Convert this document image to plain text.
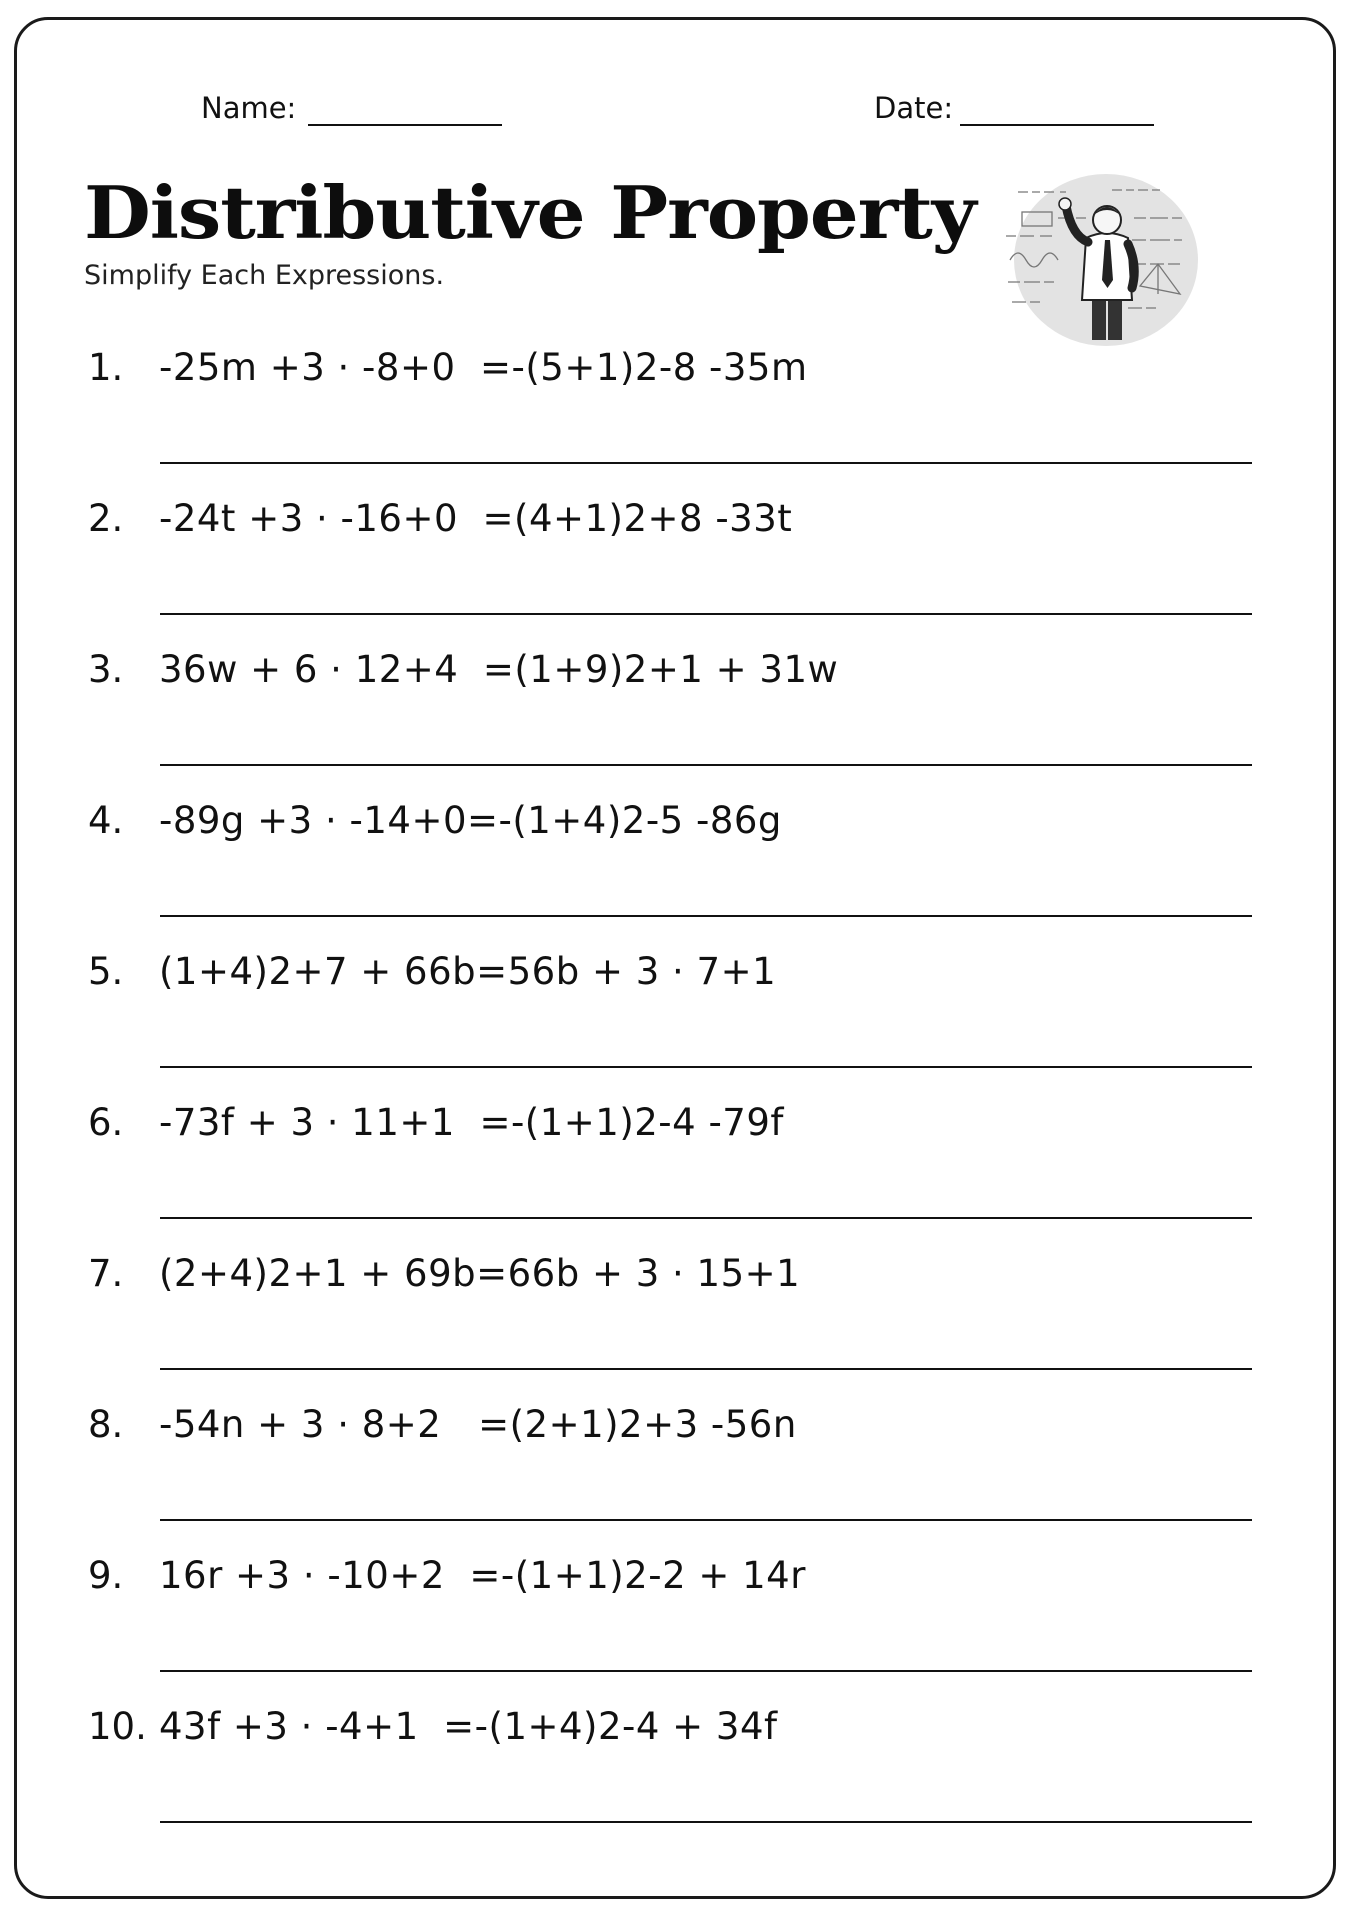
Name:	Date:
Distributive Property
Simplify Each Expressions.
1. -25m +3 · -8+0  =-(5+1)2-8 -35m
2. -24t +3 · -16+0  =(4+1)2+8 -33t
3. 36w + 6 · 12+4  =(1+9)2+1 + 31w
4. -89g +3 · -14+0=-(1+4)2-5 -86g
5. (1+4)2+7 + 66b=56b + 3 · 7+1
6. -73f + 3 · 11+1  =-(1+1)2-4 -79f
7. (2+4)2+1 + 69b=66b + 3 · 15+1
8. -54n + 3 · 8+2   =(2+1)2+3 -56n
9. 16r +3 · -10+2  =-(1+1)2-2 + 14r
10. 43f +3 · -4+1  =-(1+4)2-4 + 34f
